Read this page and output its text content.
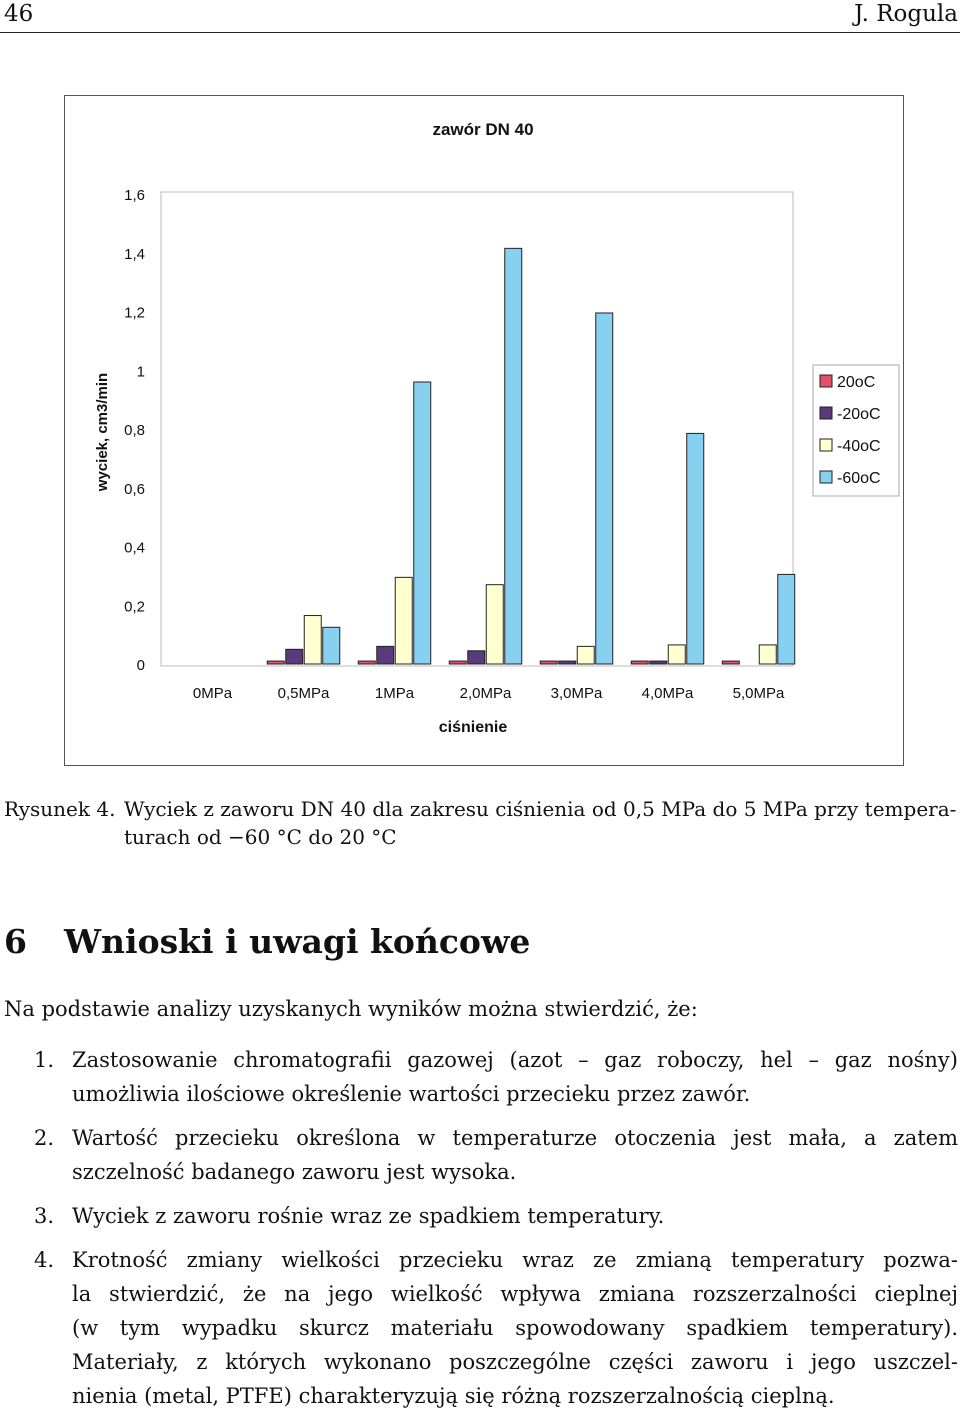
46	J. Rogula
zawór DN 40
wyciek, cm3/min
ciśnienie
0
0,2
0,4
0,6
0,8
1
1,2
1,4
1,6
0MPa	0,5MPa	1MPa	2,0MPa	3,0MPa	4,0MPa	5,0MPa
20oC
-20oC
-40oC
-60oC
Rysunek 4. Wyciek z zaworu DN 40 dla zakresu ciśnienia od 0,5 MPa do 5 MPa przy tempera-
turach od −60 °C do 20 °C
6 Wnioski i uwagi końcowe
Na podstawie analizy uzyskanych wyników można stwierdzić, że:
1. Zastosowanie chromatografii gazowej (azot – gaz roboczy, hel – gaz nośny)
umożliwia ilościowe określenie wartości przecieku przez zawór.
2. Wartość przecieku określona w temperaturze otoczenia jest mała, a zatem
szczelność badanego zaworu jest wysoka.
3. Wyciek z zaworu rośnie wraz ze spadkiem temperatury.
4. Krotność zmiany wielkości przecieku wraz ze zmianą temperatury pozwa-
la stwierdzić, że na jego wielkość wpływa zmiana rozszerzalności cieplnej
(w tym wypadku skurcz materiału spowodowany spadkiem temperatury).
Materiały, z których wykonano poszczególne części zaworu i jego uszczel-
nienia (metal, PTFE) charakteryzują się różną rozszerzalnością cieplną.
